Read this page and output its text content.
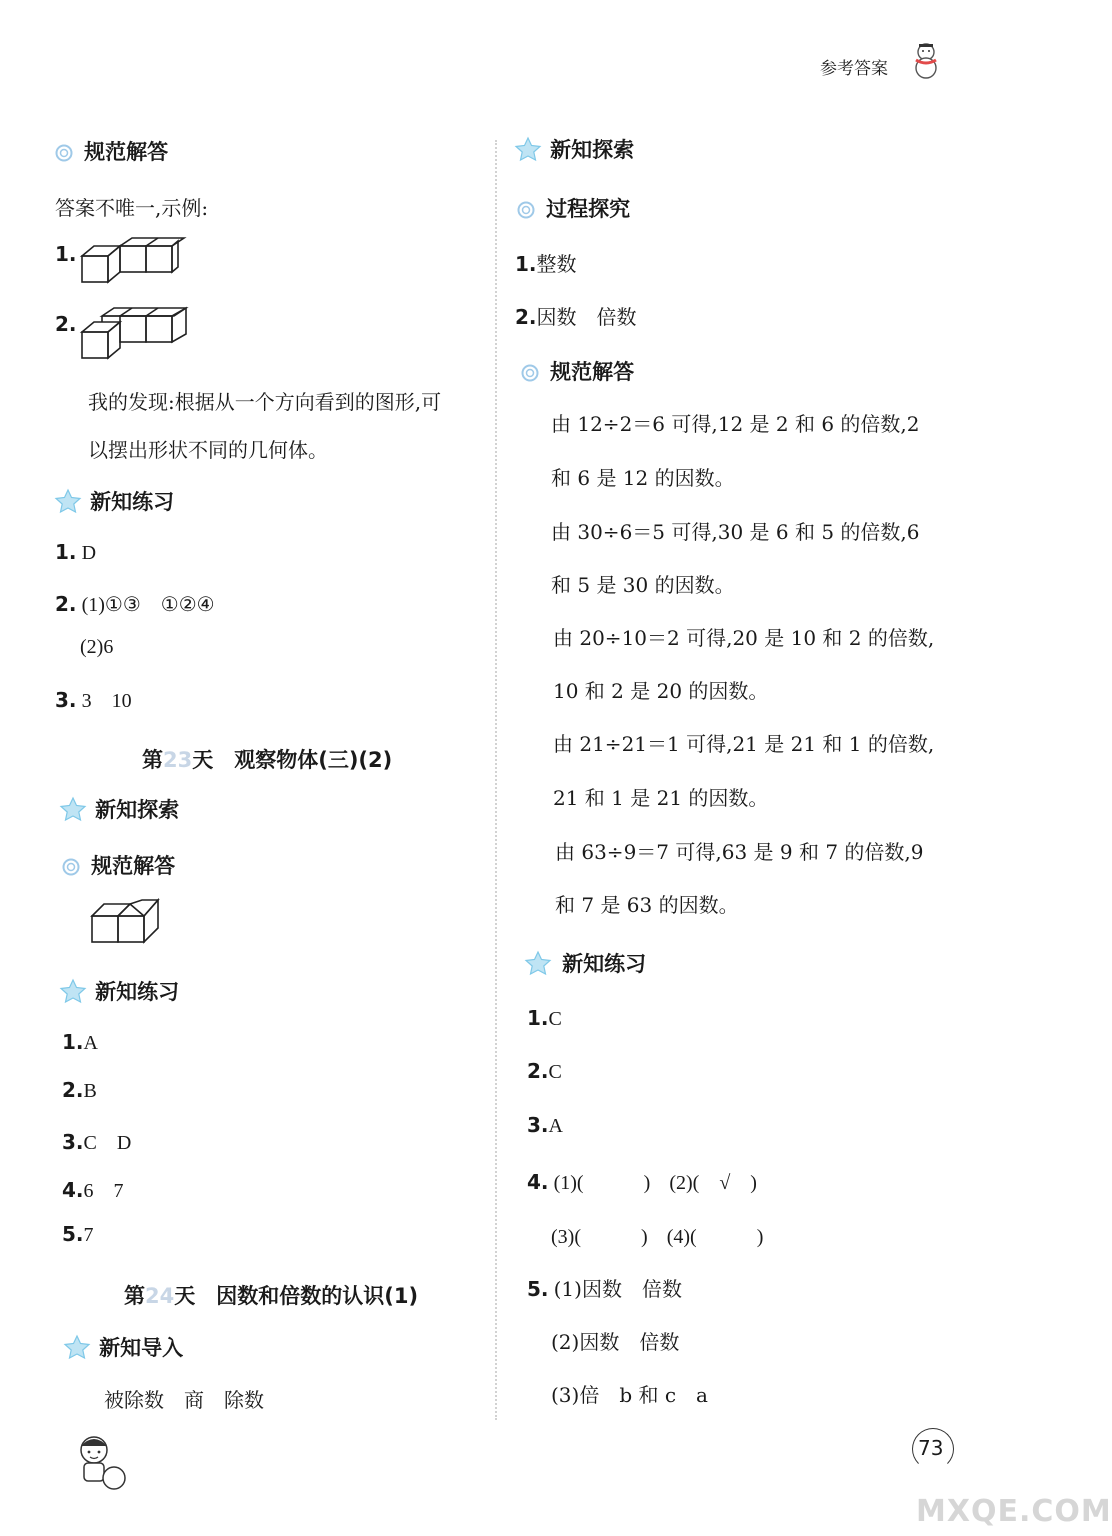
参考答案
规范解答
答案不唯一,示例:
1.
2.
我的发现:根据从一个方向看到的图形,可
以摆出形状不同的几何体。
新知练习
1. D
2. (1)①③　①②④
(2)6
3. 3　10
第23天　观察物体(三)(2)
新知探索
规范解答
新知练习
1.A
2.B
3.C　D
4.6　7
5.7
第24天　因数和倍数的认识(1)
新知导入
被除数　商　除数
新知探索
过程探究
1.整数
2.因数　倍数
规范解答
由 12÷2＝6 可得,12 是 2 和 6 的倍数,2
和 6 是 12 的因数。
由 30÷6＝5 可得,30 是 6 和 5 的倍数,6
和 5 是 30 的因数。
由 20÷10＝2 可得,20 是 10 和 2 的倍数,
10 和 2 是 20 的因数。
由 21÷21＝1 可得,21 是 21 和 1 的倍数,
21 和 1 是 21 的因数。
由 63÷9＝7 可得,63 是 9 和 7 的倍数,9
和 7 是 63 的因数。
新知练习
1.C
2.C
3.A
4. (1)(　　　) (2)(　√　)
(3)(　　　) (4)(　　　)
5. (1)因数　倍数
(2)因数　倍数
(3)倍　b 和 c　a
73
MXQE.COM
